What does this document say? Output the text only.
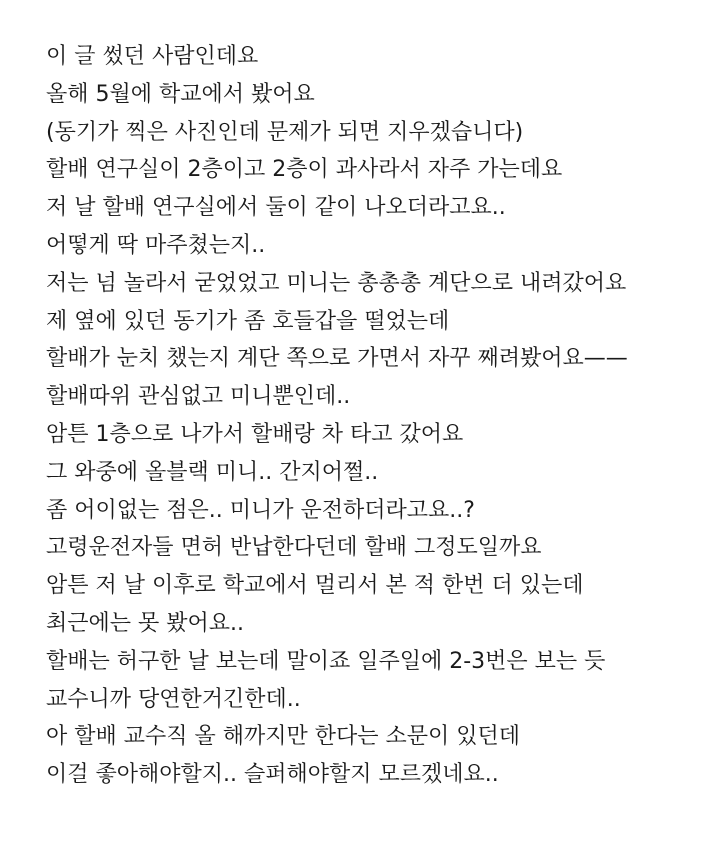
이 글 썼던 사람인데요
올해 5월에 학교에서 봤어요
(동기가 찍은 사진인데 문제가 되면 지우겠습니다)
할배 연구실이 2층이고 2층이 과사라서 자주 가는데요
저 날 할배 연구실에서 둘이 같이 나오더라고요..
어떻게 딱 마주쳤는지..
저는 넘 놀라서 굳었었고 미니는 총총총 계단으로 내려갔어요
제 옆에 있던 동기가 좀 호들갑을 떨었는데
할배가 눈치 챘는지 계단 쪽으로 가면서 자꾸 째려봤어요——
할배따위 관심없고 미니뿐인데..
암튼 1층으로 나가서 할배랑 차 타고 갔어요
그 와중에 올블랙 미니.. 간지어쩔..
좀 어이없는 점은.. 미니가 운전하더라고요..?
고령운전자들 면허 반납한다던데 할배 그정도일까요
암튼 저 날 이후로 학교에서 멀리서 본 적 한번 더 있는데
최근에는 못 봤어요..
할배는 허구한 날 보는데 말이죠 일주일에 2-3번은 보는 듯
교수니까 당연한거긴한데..
아 할배 교수직 올 해까지만 한다는 소문이 있던데
이걸 좋아해야할지.. 슬퍼해야할지 모르겠네요..
